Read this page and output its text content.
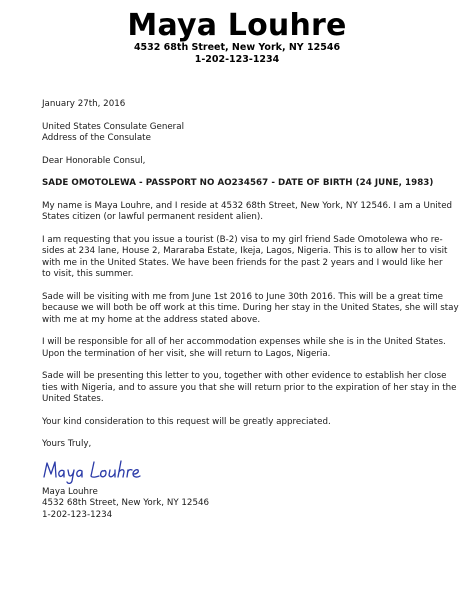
Maya Louhre
4532 68th Street, New York, NY 12546
1-202-123-1234
January 27th, 2016
United States Consulate General
Address of the Consulate
Dear Honorable Consul,
SADE OMOTOLEWA - PASSPORT NO AO234567 - DATE OF BIRTH (24 JUNE, 1983)
My name is Maya Louhre, and I reside at 4532 68th Street, New York, NY 12546. I am a United
States citizen (or lawful permanent resident alien).
I am requesting that you issue a tourist (B-2) visa to my girl friend Sade Omotolewa who re-
sides at 234 lane, House 2, Mararaba Estate, Ikeja, Lagos, Nigeria. This is to allow her to visit
with me in the United States. We have been friends for the past 2 years and I would like her
to visit, this summer.
Sade will be visiting with me from June 1st 2016 to June 30th 2016. This will be a great time
because we will both be off work at this time. During her stay in the United States, she will stay
with me at my home at the address stated above.
I will be responsible for all of her accommodation expenses while she is in the United States.
Upon the termination of her visit, she will return to Lagos, Nigeria.
Sade will be presenting this letter to you, together with other evidence to establish her close
ties with Nigeria, and to assure you that she will return prior to the expiration of her stay in the
United States.
Your kind consideration to this request will be greatly appreciated.
Yours Truly,
Maya Louhre
4532 68th Street, New York, NY 12546
1-202-123-1234
